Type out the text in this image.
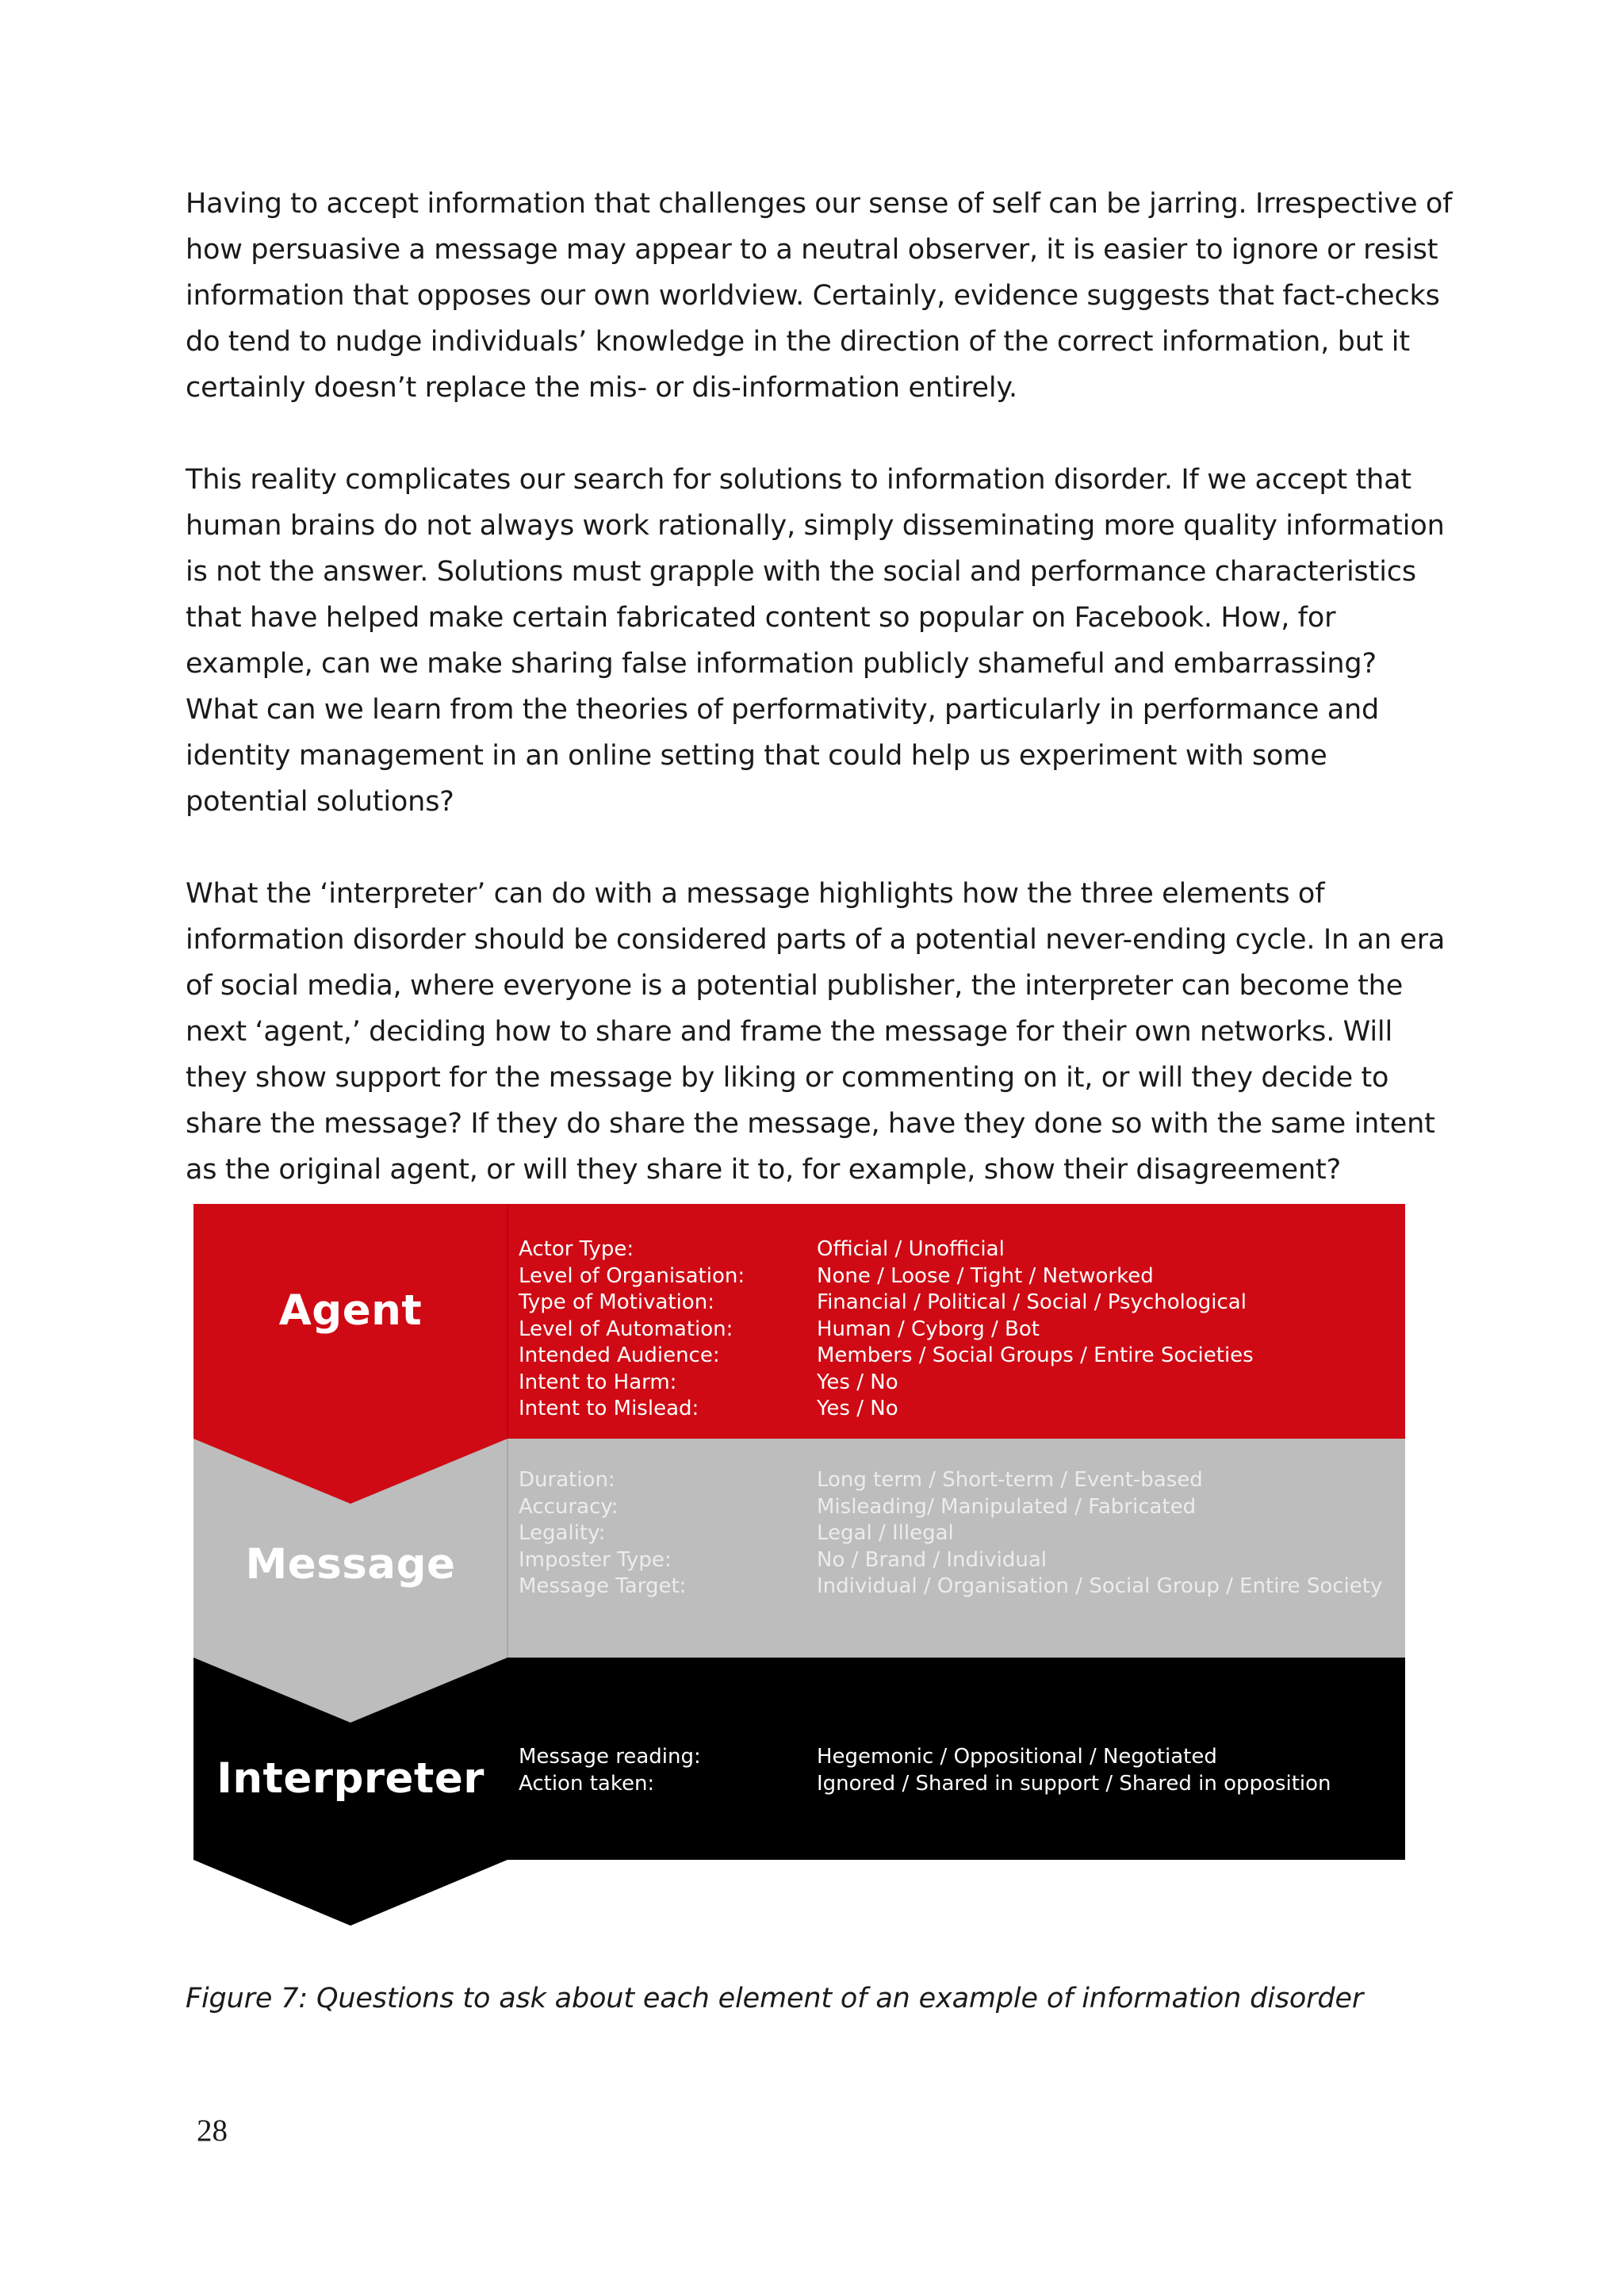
Having to accept information that challenges our sense of self can be jarring. Irrespective of how persuasive a message may appear to a neutral observer, it is easier to ignore or resist information that opposes our own worldview. Certainly, evidence suggests that fact-checks do tend to nudge individuals’ knowledge in the direction of the correct information, but it certainly doesn’t replace the mis- or dis-information entirely.

This reality complicates our search for solutions to information disorder. If we accept that human brains do not always work rationally, simply disseminating more quality information is not the answer. Solutions must grapple with the social and performance characteristics that have helped make certain fabricated content so popular on Facebook. How, for example, can we make sharing false information publicly shameful and embarrassing? What can we learn from the theories of performativity, particularly in performance and identity management in an online setting that could help us experiment with some potential solutions?

What the ‘interpreter’ can do with a message highlights how the three elements of information disorder should be considered parts of a potential never-ending cycle. In an era of social media, where everyone is a potential publisher, the interpreter can become the next ‘agent,’ deciding how to share and frame the message for their own networks. Will they show support for the message by liking or commenting on it, or will they decide to share the message? If they do share the message, have they done so with the same intent as the original agent, or will they share it to, for example, show their disagreement?

Agent
Actor Type:	Official / Unofficial
Level of Organisation:	None / Loose / Tight / Networked
Type of Motivation:	Financial / Political / Social / Psychological
Level of Automation:	Human / Cyborg / Bot
Intended Audience:	Members / Social Groups / Entire Societies
Intent to Harm:	Yes / No
Intent to Mislead:	Yes / No
Message
Duration:	Long term / Short-term / Event-based
Accuracy:	Misleading/ Manipulated / Fabricated
Legality:	Legal / Illegal
Imposter Type:	No / Brand / Individual
Message Target:	Individual / Organisation / Social Group / Entire Society
Interpreter	Message reading:	Hegemonic / Oppositional / Negotiated
Action taken:	Ignored / Shared in support / Shared in opposition
Figure 7: Questions to ask about each element of an example of information disorder
28
